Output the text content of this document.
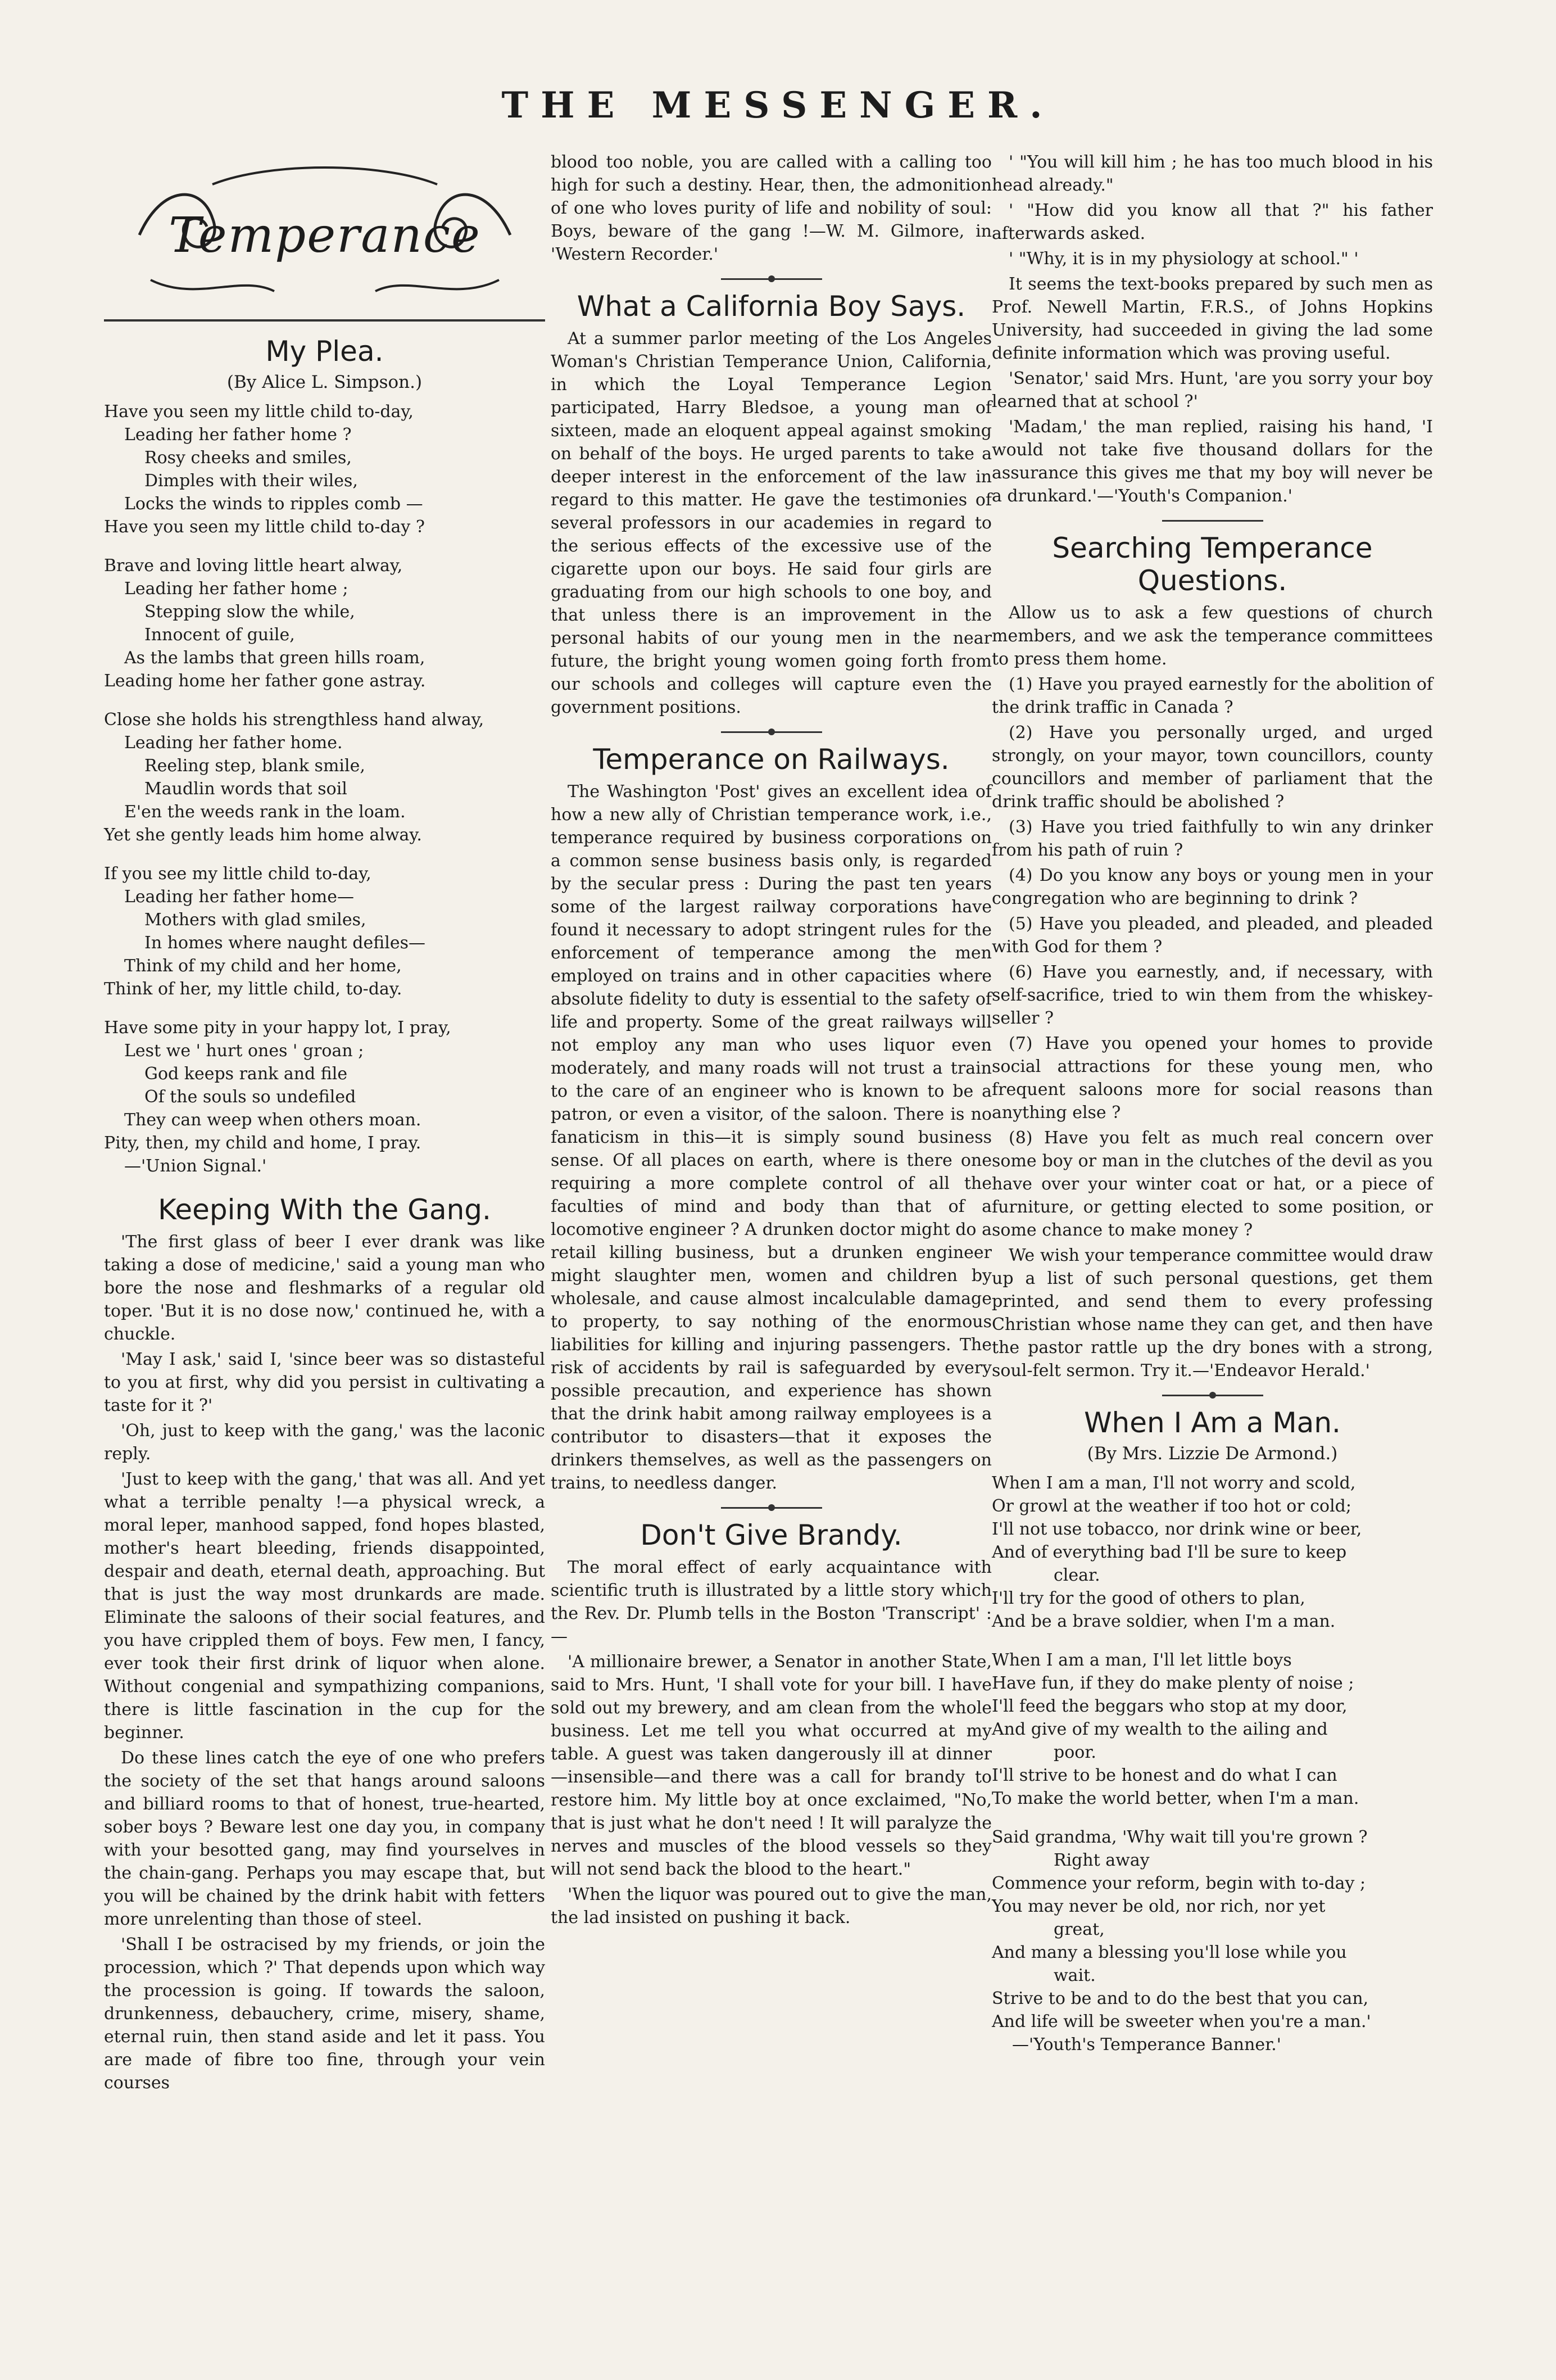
THE MESSENGER.
Temperance
My Plea.
(By Alice L. Simpson.)
Have you seen my little child to-day,
Leading her father home ?
Rosy cheeks and smiles,
Dimples with their wiles,
Locks the winds to ripples comb —
Have you seen my little child to-day ?
Brave and loving little heart alway,
Leading her father home ;
Stepping slow the while,
Innocent of guile,
As the lambs that green hills roam,
Leading home her father gone astray.
Close she holds his strengthless hand alway,
Leading her father home.
Reeling step, blank smile,
Maudlin words that soil
E'en the weeds rank in the loam.
Yet she gently leads him home alway.
If you see my little child to-day,
Leading her father home—
Mothers with glad smiles,
In homes where naught defiles—
Think of my child and her home,
Think of her, my little child, to-day.
Have some pity in your happy lot, I pray,
Lest we ' hurt ones ' groan ;
God keeps rank and file
Of the souls so undefiled
They can weep when others moan.
Pity, then, my child and home, I pray.
—'Union Signal.'
Keeping With the Gang.

'The first glass of beer I ever drank was like taking a dose of medicine,' said a young man who bore the nose and fleshmarks of a regular old toper. 'But it is no dose now,' continued he, with a chuckle.

'May I ask,' said I, 'since beer was so distasteful to you at first, why did you persist in cultivating a taste for it ?'

'Oh, just to keep with the gang,' was the laconic reply.

'Just to keep with the gang,' that was all. And yet what a terrible penalty !—a physical wreck, a moral leper, manhood sapped, fond hopes blasted, mother's heart bleeding, friends disappointed, despair and death, eternal death, approaching. But that is just the way most drunkards are made. Eliminate the saloons of their social features, and you have crippled them of boys. Few men, I fancy, ever took their first drink of liquor when alone. Without congenial and sympathizing companions, there is little fascination in the cup for the beginner.

Do these lines catch the eye of one who prefers the society of the set that hangs around saloons and billiard rooms to that of honest, true-hearted, sober boys ? Beware lest one day you, in company with your besotted gang, may find yourselves in the chain-gang. Perhaps you may escape that, but you will be chained by the drink habit with fetters more unrelenting than those of steel.

'Shall I be ostracised by my friends, or join the procession, which ?' That depends upon which way the procession is going. If towards the saloon, drunkenness, debauchery, crime, misery, shame, eternal ruin, then stand aside and let it pass. You are made of fibre too fine, through your vein courses

blood too noble, you are called with a calling too high for such a destiny. Hear, then, the admonition of one who loves purity of life and nobility of soul: Boys, beware of the gang !—W. M. Gilmore, in 'Western Recorder.'

What a California Boy Says.

At a summer parlor meeting of the Los Angeles Woman's Christian Temperance Union, California, in which the Loyal Temperance Legion participated, Harry Bledsoe, a young man of sixteen, made an eloquent appeal against smoking on behalf of the boys. He urged parents to take a deeper interest in the enforcement of the law in regard to this matter. He gave the testimonies of several professors in our academies in regard to the serious effects of the excessive use of the cigarette upon our boys. He said four girls are graduating from our high schools to one boy, and that unless there is an improvement in the personal habits of our young men in the near future, the bright young women going forth from our schools and colleges will capture even the government positions.

Temperance on Railways.

The Washington 'Post' gives an excellent idea of how a new ally of Christian temperance work, i.e., temperance required by business corporations on a common sense business basis only, is regarded by the secular press : During the past ten years some of the largest railway corporations have found it necessary to adopt stringent rules for the enforcement of temperance among the men employed on trains and in other capacities where absolute fidelity to duty is essential to the safety of life and property. Some of the great railways will not employ any man who uses liquor even moderately, and many roads will not trust a train to the care of an engineer who is known to be a patron, or even a visitor, of the saloon. There is no fanaticism in this—it is simply sound business sense. Of all places on earth, where is there one requiring a more complete control of all the faculties of mind and body than that of a locomotive engineer ? A drunken doctor might do a retail killing business, but a drunken engineer might slaughter men, women and children by wholesale, and cause almost incalculable damage to property, to say nothing of the enormous liabilities for killing and injuring passengers. The risk of accidents by rail is safeguarded by every possible precaution, and experience has shown that the drink habit among railway employees is a contributor to disasters—that it exposes the drinkers themselves, as well as the passengers on trains, to needless danger.

Don't Give Brandy.

The moral effect of early acquaintance with scientific truth is illustrated by a little story which the Rev. Dr. Plumb tells in the Boston 'Transcript' :—

'A millionaire brewer, a Senator in another State, said to Mrs. Hunt, 'I shall vote for your bill. I have sold out my brewery, and am clean from the whole business. Let me tell you what occurred at my table. A guest was taken dangerously ill at dinner —insensible—and there was a call for brandy to restore him. My little boy at once exclaimed, "No, that is just what he don't need ! It will paralyze the nerves and muscles of the blood vessels so they will not send back the blood to the heart."

'When the liquor was poured out to give the man, the lad insisted on pushing it back.

' "You will kill him ; he has too much blood in his head already."

' "How did you know all that ?" his father afterwards asked.

' "Why, it is in my physiology at school." '

It seems the text-books prepared by such men as Prof. Newell Martin, F.R.S., of Johns Hopkins University, had succeeded in giving the lad some definite information which was proving useful.

'Senator,' said Mrs. Hunt, 'are you sorry your boy learned that at school ?'

'Madam,' the man replied, raising his hand, 'I would not take five thousand dollars for the assurance this gives me that my boy will never be a drunkard.'—'Youth's Companion.'

Searching Temperance Questions.

Allow us to ask a few questions of church members, and we ask the temperance committees to press them home.

(1) Have you prayed earnestly for the abolition of the drink traffic in Canada ?

(2) Have you personally urged, and urged strongly, on your mayor, town councillors, county councillors and member of parliament that the drink traffic should be abolished ?

(3) Have you tried faithfully to win any drinker from his path of ruin ?

(4) Do you know any boys or young men in your congregation who are beginning to drink ?

(5) Have you pleaded, and pleaded, and pleaded with God for them ?

(6) Have you earnestly, and, if necessary, with self-sacrifice, tried to win them from the whiskey-seller ?

(7) Have you opened your homes to provide social attractions for these young men, who frequent saloons more for social reasons than anything else ?

(8) Have you felt as much real concern over some boy or man in the clutches of the devil as you have over your winter coat or hat, or a piece of furniture, or getting elected to some position, or some chance to make money ?

We wish your temperance committee would draw up a list of such personal questions, get them printed, and send them to every professing Christian whose name they can get, and then have the pastor rattle up the dry bones with a strong, soul-felt sermon. Try it.—'Endeavor Herald.'

When I Am a Man.
(By Mrs. Lizzie De Armond.)
When I am a man, I'll not worry and scold,
Or growl at the weather if too hot or cold;
I'll not use tobacco, nor drink wine or beer,
And of everything bad I'll be sure to keep
clear.
I'll try for the good of others to plan,
And be a brave soldier, when I'm a man.
When I am a man, I'll let little boys
Have fun, if they do make plenty of noise ;
I'll feed the beggars who stop at my door,
And give of my wealth to the ailing and
poor.
I'll strive to be honest and do what I can
To make the world better, when I'm a man.
Said grandma, 'Why wait till you're grown ?
Right away
Commence your reform, begin with to-day ;
You may never be old, nor rich, nor yet
great,
And many a blessing you'll lose while you
wait.
Strive to be and to do the best that you can,
And life will be sweeter when you're a man.'
—'Youth's Temperance Banner.'
